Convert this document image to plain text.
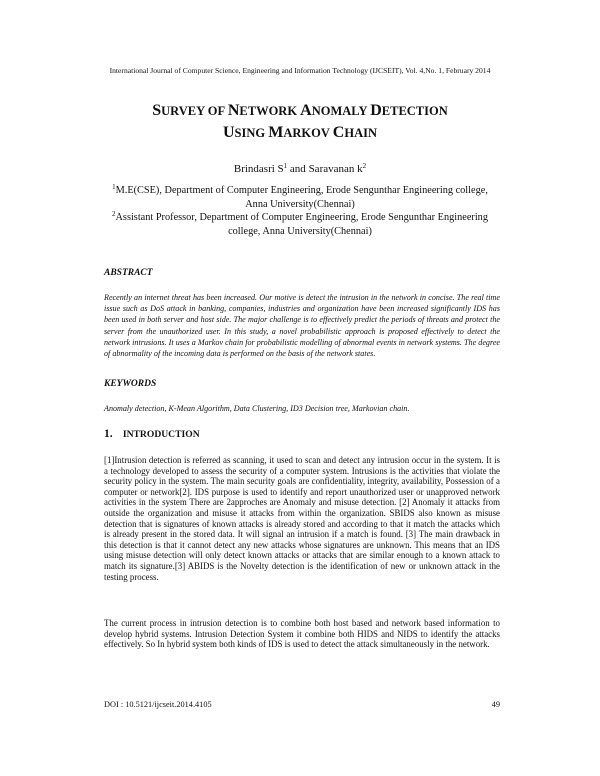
International Journal of Computer Science, Engineering and Information Technology (IJCSEIT), Vol. 4,No. 1, February 2014
SURVEY OF NETWORK ANOMALY DETECTION
USING MARKOV CHAIN
Brindasri $S^1$ and Saravanan $k^2$

$^1$M.E(CSE), Department of Computer Engineering, Erode Sengunthar Engineering college, Anna University(Chennai)

$^2$Assistant Professor, Department of Computer Engineering, Erode Sengunthar Engineering college, Anna University(Chennai)

ABSTRACT
Recently an internet threat has been increased. Our motive is detect the intrusion in the network in concise. The real time issue such as DoS attack in banking, companies, industries and organization have been increased significantly IDS has been used in both server and host side. The major challenge is to effectively predict the periods of threats and protect the server from the unauthorized user. In this study, a novel probabilistic approach is proposed effectively to detect the network intrusions. It uses a Markov chain for probabilistic modelling of abnormal events in network systems. The degree of abnormality of the incoming data is performed on the basis of the network states.
KEYWORDS
Anomaly detection, K-Mean Algorithm, Data Clustering, ID3 Decision tree, Markovian chain.
1. INTRODUCTION
[1]Intrusion detection is referred as scanning, it used to scan and detect any intrusion occur in the system. It is a technology developed to assess the security of a computer system. Intrusions is the activities that violate the security policy in the system. The main security goals are confidentiality, integrity, availability, Possession of a computer or network[2]. IDS purpose is used to identify and report unauthorized user or unapproved network activities in the system There are 2approches are Anomaly and misuse detection. [2] Anomaly it attacks from outside the organization and misuse it attacks from within the organization. SBIDS also known as misuse detection that is signatures of known attacks is already stored and according to that it match the attacks which is already present in the stored data. It will signal an intrusion if a match is found. [3] The main drawback in this detection is that it cannot detect any new attacks whose signatures are unknown. This means that an IDS using misuse detection will only detect known attacks or attacks that are similar enough to a known attack to match its signature.[3] ABIDS is the Novelty detection is the identification of new or unknown attack in the testing process.
The current process in intrusion detection is to combine both host based and network based information to develop hybrid systems. Intrusion Detection System it combine both HIDS and NIDS to identify the attacks effectively. So In hybrid system both kinds of IDS is used to detect the attack simultaneously in the network.
DOI : 10.5121/ijcseit.2014.4105	49
